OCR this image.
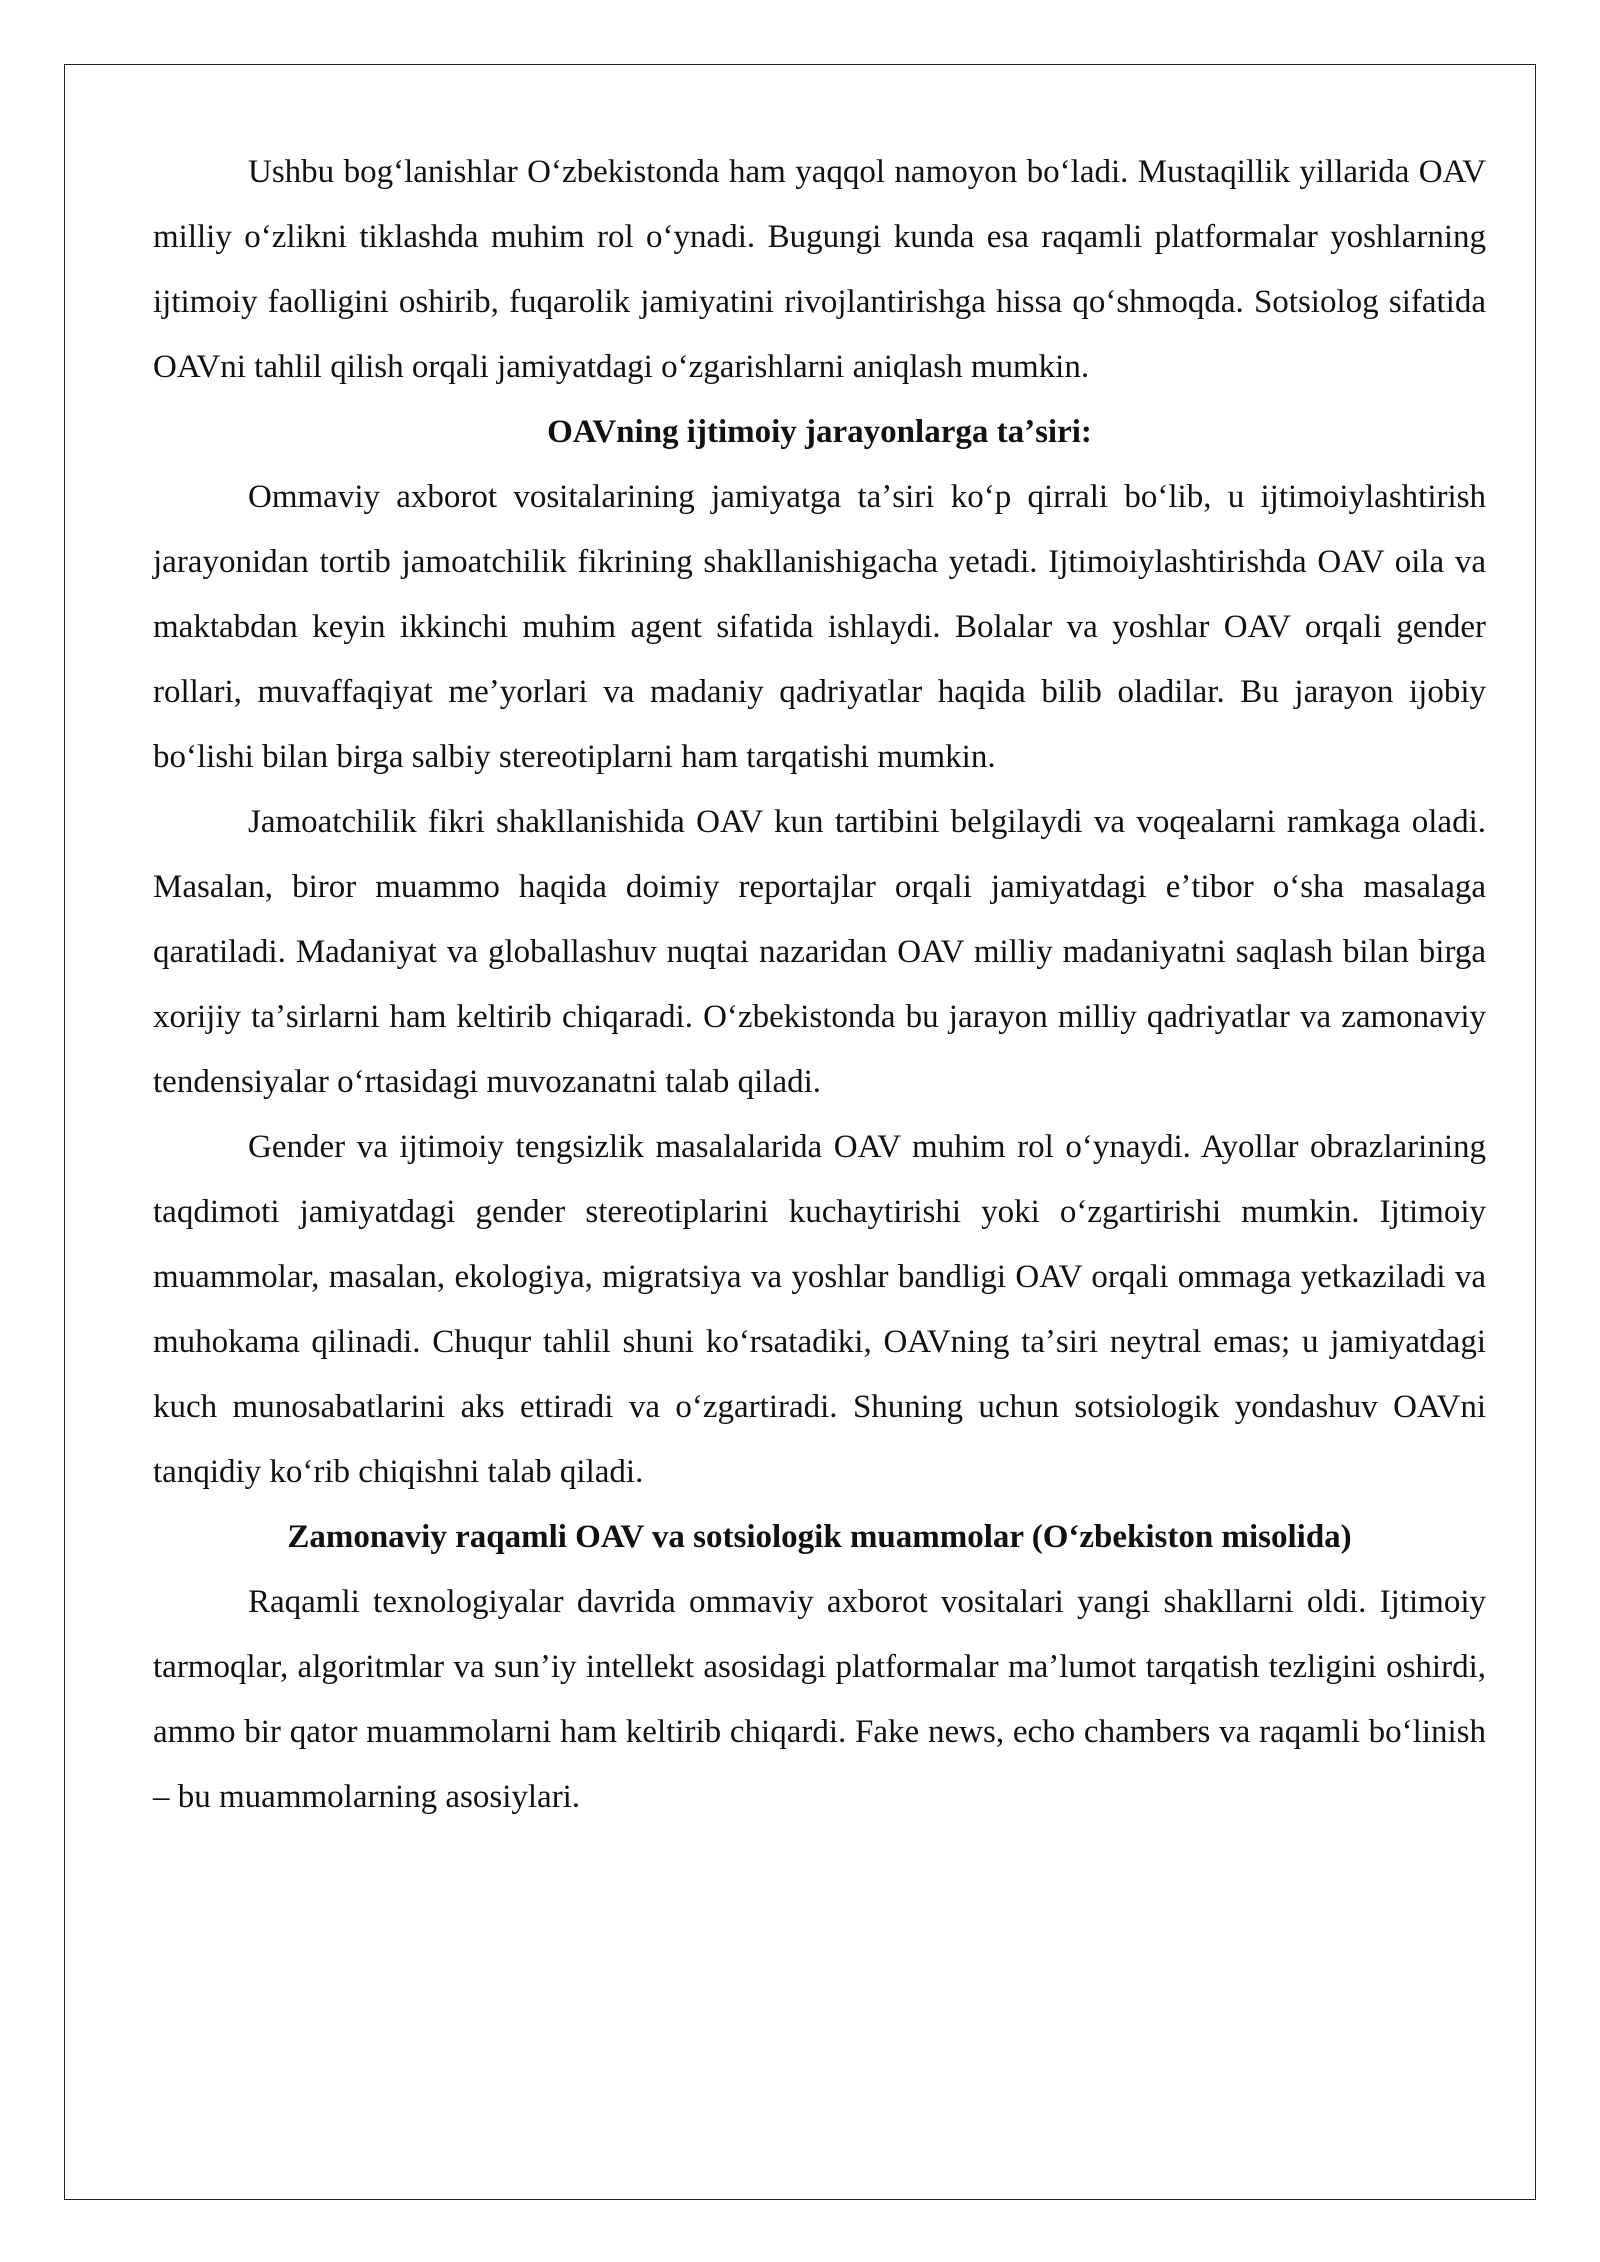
Ushbu bogʻlanishlar Oʻzbekistonda ham yaqqol namoyon boʻladi. Mustaqillik yillarida OAV milliy oʻzlikni tiklashda muhim rol oʻynadi. Bugungi kunda esa raqamli platformalar yoshlarning ijtimoiy faolligini oshirib, fuqarolik jamiyatini rivojlantirishga hissa qoʻshmoqda. Sotsiolog sifatida OAVni tahlil qilish orqali jamiyatdagi oʻzgarishlarni aniqlash mumkin.

OAVning ijtimoiy jarayonlarga taʼsiri:

Ommaviy axborot vositalarining jamiyatga taʼsiri koʻp qirrali boʻlib, u ijtimoiylashtirish jarayonidan tortib jamoatchilik fikrining shakllanishigacha yetadi. Ijtimoiylashtirishda OAV oila va maktabdan keyin ikkinchi muhim agent sifatida ishlaydi. Bolalar va yoshlar OAV orqali gender rollari, muvaffaqiyat meʼyorlari va madaniy qadriyatlar haqida bilib oladilar. Bu jarayon ijobiy boʻlishi bilan birga salbiy stereotiplarni ham tarqatishi mumkin.

Jamoatchilik fikri shakllanishida OAV kun tartibini belgilaydi va voqealarni ramkaga oladi. Masalan, biror muammo haqida doimiy reportajlar orqali jamiyatdagi eʼtibor oʻsha masalaga qaratiladi. Madaniyat va globallashuv nuqtai nazaridan OAV milliy madaniyatni saqlash bilan birga xorijiy taʼsirlarni ham keltirib chiqaradi. Oʻzbekistonda bu jarayon milliy qadriyatlar va zamonaviy tendensiyalar oʻrtasidagi muvozanatni talab qiladi.

Gender va ijtimoiy tengsizlik masalalarida OAV muhim rol oʻynaydi. Ayollar obrazlarining taqdimoti jamiyatdagi gender stereotiplarini kuchaytirishi yoki oʻzgartirishi mumkin. Ijtimoiy muammolar, masalan, ekologiya, migratsiya va yoshlar bandligi OAV orqali ommaga yetkaziladi va muhokama qilinadi. Chuqur tahlil shuni koʻrsatadiki, OAVning taʼsiri neytral emas; u jamiyatdagi kuch munosabatlarini aks ettiradi va oʻzgartiradi. Shuning uchun sotsiologik yondashuv OAVni tanqidiy koʻrib chiqishni talab qiladi.

Zamonaviy raqamli OAV va sotsiologik muammolar (Oʻzbekiston misolida)

Raqamli texnologiyalar davrida ommaviy axborot vositalari yangi shakllarni oldi. Ijtimoiy tarmoqlar, algoritmlar va sunʼiy intellekt asosidagi platformalar maʼlumot tarqatish tezligini oshirdi, ammo bir qator muammolarni ham keltirib chiqardi. Fake news, echo chambers va raqamli boʻlinish – bu muammolarning asosiylari.
